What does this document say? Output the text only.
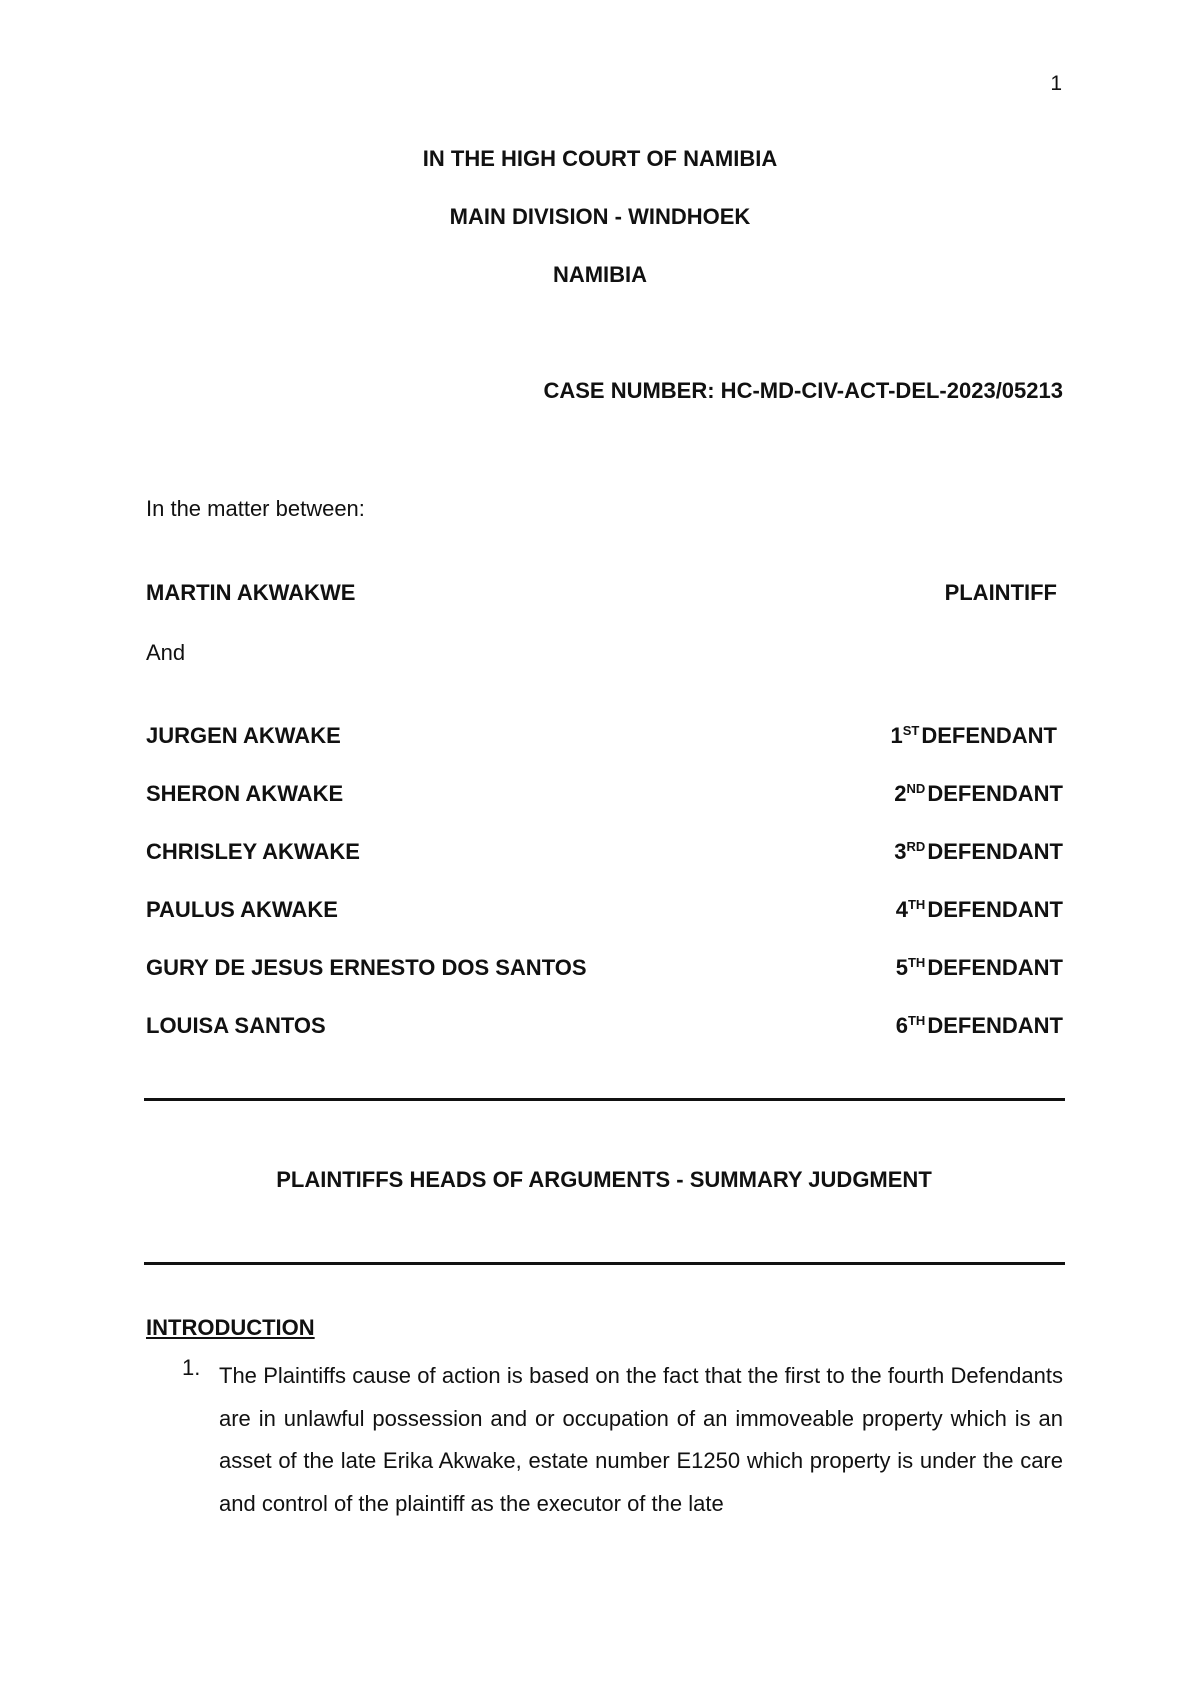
1
IN THE HIGH COURT OF NAMIBIA
MAIN DIVISION - WINDHOEK
NAMIBIA
CASE NUMBER: HC-MD-CIV-ACT-DEL-2023/05213
In the matter between:
MARTIN AKWAKWE	PLAINTIFF
And
JURGEN AKWAKE	1STDEFENDANT
SHERON AKWAKE	2NDDEFENDANT
CHRISLEY AKWAKE	3RDDEFENDANT
PAULUS AKWAKE	4THDEFENDANT
GURY DE JESUS ERNESTO DOS SANTOS	5THDEFENDANT
LOUISA SANTOS	6THDEFENDANT
PLAINTIFFS HEADS OF ARGUMENTS - SUMMARY JUDGMENT
INTRODUCTION
1. The Plaintiffs cause of action is based on the fact that the first to the fourth Defendants are in unlawful possession and or occupation of an immoveable property which is an asset of the late Erika Akwake, estate number E1250 which property is under the care and control of the plaintiff as the executor of the late
